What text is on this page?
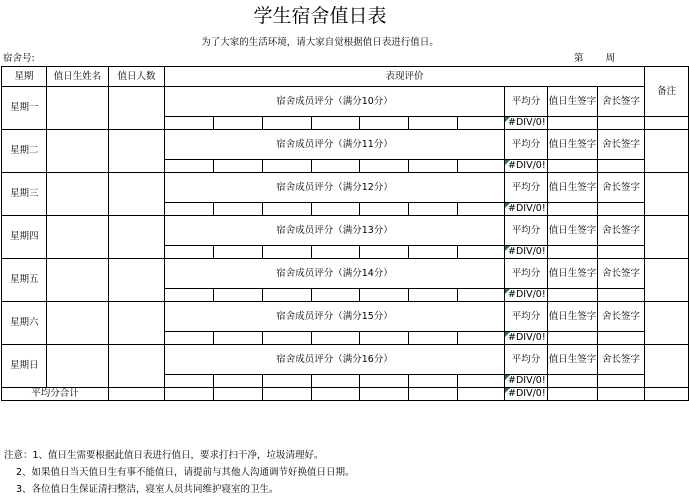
学生宿舍值日表
为了大家的生活环境，请大家自觉根据值日表进行值日。
宿舍号:	第 周
星期	值日生姓名	值日人数	表现评价										备注	
星期一			宿舍成员评分（满分10分）							平均分	值日生签字	舍长签字		
										#DIV/0!				
星期二			宿舍成员评分（满分11分）							平均分	值日生签字	舍长签字		
										#DIV/0!				
星期三			宿舍成员评分（满分12分）							平均分	值日生签字	舍长签字		
										#DIV/0!				
星期四			宿舍成员评分（满分13分）							平均分	值日生签字	舍长签字		
										#DIV/0!				
星期五			宿舍成员评分（满分14分）							平均分	值日生签字	舍长签字		
										#DIV/0!				
星期六			宿舍成员评分（满分15分）							平均分	值日生签字	舍长签字		
										#DIV/0!				
星期日			宿舍成员评分（满分16分）							平均分	值日生签字	舍长签字		
										#DIV/0!				
平均分合计										#DIV/0!				
注意：1、值日生需要根据此值日表进行值日，要求打扫干净，垃圾清理好。
2、如果值日当天值日生有事不能值日，请提前与其他人沟通调节好换值日日期。
3、各位值日生保证清扫整洁，寝室人员共同维护寝室的卫生。
